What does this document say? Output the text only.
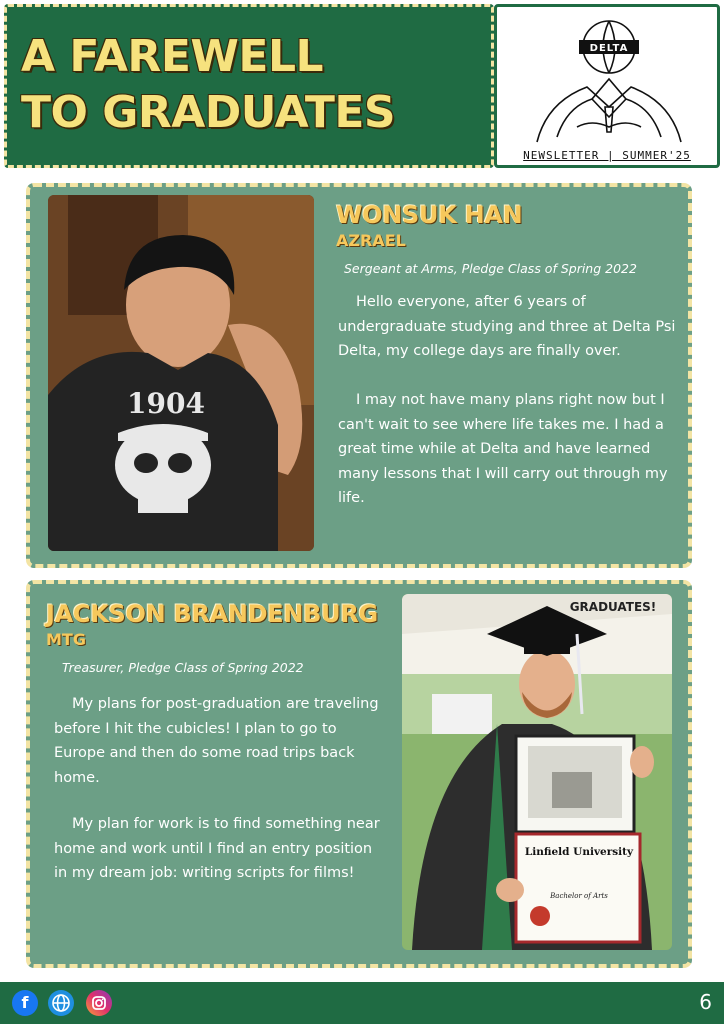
A FAREWELL
TO GRADUATES
DELTA
NEWSLETTER | SUMMER'25
1904
WONSUK HAN
AZRAEL
Sergeant at Arms, Pledge Class of Spring 2022
Hello everyone, after 6 years of undergraduate studying and three at Delta Psi Delta, my college days are finally over.
I may not have many plans right now but I can't wait to see where life takes me. I had a great time while at Delta and have learned many lessons that I will carry out through my life.
JACKSON BRANDENBURG
MTG
Treasurer, Pledge Class of Spring 2022
My plans for post-graduation are traveling before I hit the cubicles! I plan to go to Europe and then do some road trips back home.
My plan for work is to find something near home and work until I find an entry position in my dream job: writing scripts for films!
GRADUATES!
Linfield University
Bachelor of Arts
f	6
